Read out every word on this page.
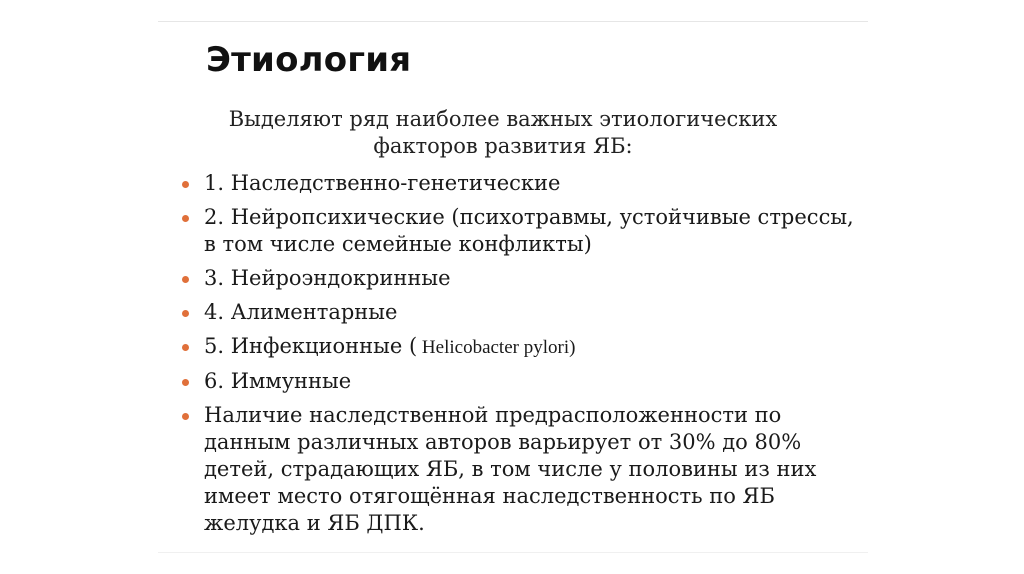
Этиология

Выделяют ряд наиболее важных этиологических факторов развития ЯБ:

1. Наследственно-генетические
2. Нейропсихические (психотравмы, устойчивые стрессы, в том числе семейные конфликты)
3. Нейроэндокринные
4. Алиментарные
5. Инфекционные ( Helicobacter pylori)
6. Иммунные
Наличие наследственной предрасположенности по данным различных авторов варьирует от 30% до 80% детей, страдающих ЯБ, в том числе у половины из них имеет место отягощённая наследственность по ЯБ желудка и ЯБ ДПК.
